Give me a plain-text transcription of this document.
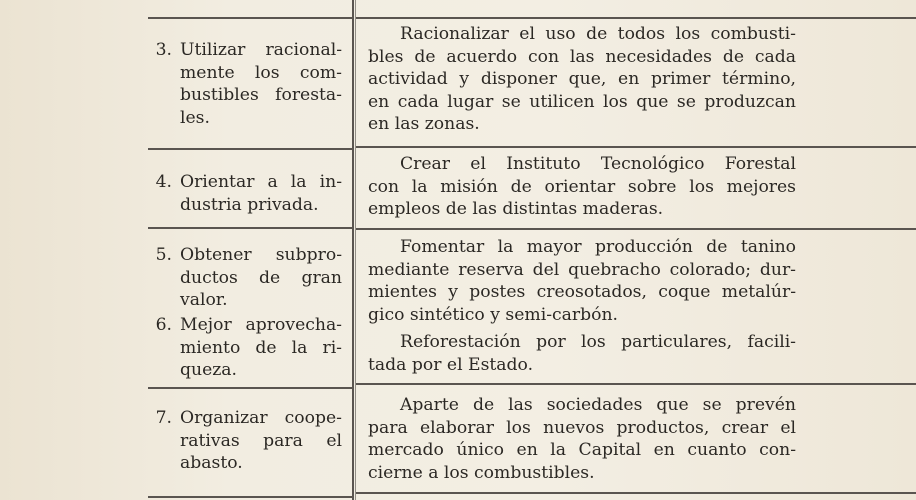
3. Utilizar racional-
mente los com-
bustibles foresta-
les.
Racionalizar el uso de todos los combusti-
bles de acuerdo con las necesidades de cada
actividad y disponer que, en primer término,
en cada lugar se utilicen los que se produzcan
en las zonas.
4. Orientar a la in-
dustria privada.
Crear el Instituto Tecnológico Forestal
con la misión de orientar sobre los mejores
empleos de las distintas maderas.
5. Obtener subpro-
ductos de gran
valor.
6. Mejor aprovecha-
miento de la ri-
queza.
Fomentar la mayor producción de tanino
mediante reserva del quebracho colorado; dur-
mientes y postes creosotados, coque metalúr-
gico sintético y semi-carbón.
Reforestación por los particulares, facili-
tada por el Estado.
7. Organizar coope-
rativas para el
abasto.
Aparte de las sociedades que se prevén
para elaborar los nuevos productos, crear el
mercado único en la Capital en cuanto con-
cierne a los combustibles.
